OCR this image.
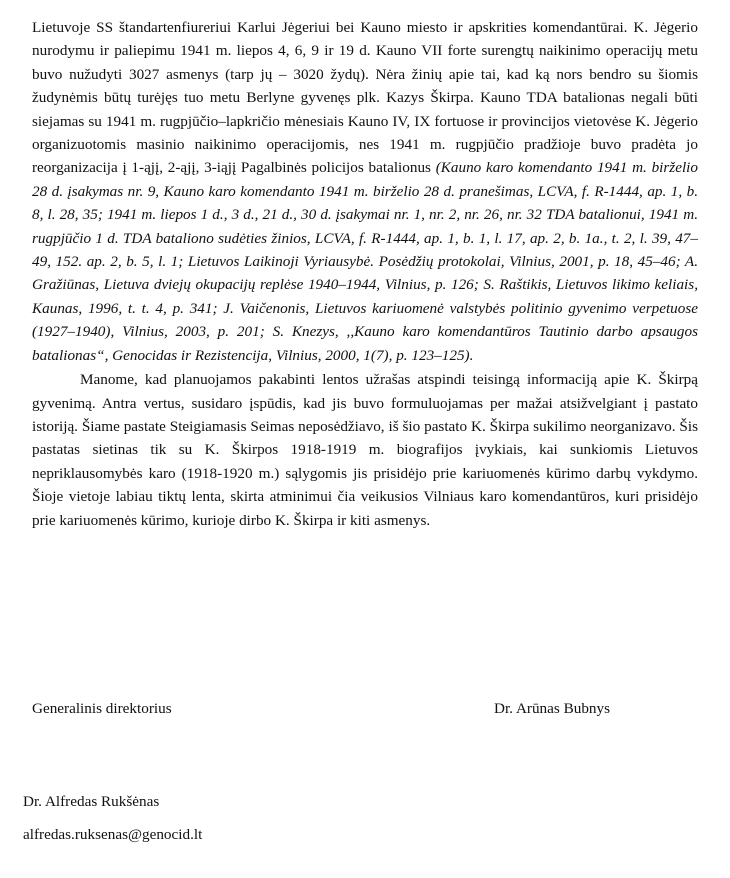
Lietuvoje SS štandartenfiureriui Karlui Jėgeriui bei Kauno miesto ir apskrities komendantūrai. K. Jėgerio nurodymu ir paliepimu 1941 m. liepos 4, 6, 9 ir 19 d. Kauno VII forte surengtų naikinimo operacijų metu buvo nužudyti 3027 asmenys (tarp jų – 3020 žydų). Nėra žinių apie tai, kad ką nors bendro su šiomis žudynėmis būtų turėjęs tuo metu Berlyne gyvenęs plk. Kazys Škirpa. Kauno TDA batalionas negali būti siejamas su 1941 m. rugpjūčio–lapkričio mėnesiais Kauno IV, IX fortuose ir provincijos vietovėse K. Jėgerio organizuotomis masinio naikinimo operacijomis, nes 1941 m. rugpjūčio pradžioje buvo pradėta jo reorganizacija į 1-ąjį, 2-ąjį, 3-iąjį Pagalbinės policijos batalionus (Kauno karo komendanto 1941 m. birželio 28 d. įsakymas nr. 9, Kauno karo komendanto 1941 m. birželio 28 d. pranešimas, LCVA, f. R-1444, ap. 1, b. 8, l. 28, 35; 1941 m. liepos 1 d., 3 d., 21 d., 30 d. įsakymai nr. 1, nr. 2, nr. 26, nr. 32 TDA batalionui, 1941 m. rugpjūčio 1 d. TDA bataliono sudėties žinios, LCVA, f. R-1444, ap. 1, b. 1, l. 17, ap. 2, b. 1a., t. 2, l. 39, 47–49, 152. ap. 2, b. 5, l. 1; Lietuvos Laikinoji Vyriausybė. Posėdžių protokolai, Vilnius, 2001, p. 18, 45–46; A. Gražiūnas, Lietuva dviejų okupacijų replėse 1940–1944, Vilnius, p. 126; S. Raštikis, Lietuvos likimo keliais, Kaunas, 1996, t. t. 4, p. 341; J. Vaičenonis, Lietuvos kariuomenė valstybės politinio gyvenimo verpetuose (1927–1940), Vilnius, 2003, p. 201; S. Knezys, ,,Kauno karo komendantūros Tautinio darbo apsaugos batalionas“, Genocidas ir Rezistencija, Vilnius, 2000, 1(7), p. 123–125).

Manome, kad planuojamos pakabinti lentos užrašas atspindi teisingą informaciją apie K. Škirpą gyvenimą. Antra vertus, susidaro įspūdis, kad jis buvo formuluojamas per mažai atsižvelgiant į pastato istoriją. Šiame pastate Steigiamasis Seimas neposėdžiavo, iš šio pastato K. Škirpa sukilimo neorganizavo. Šis pastatas sietinas tik su K. Škirpos 1918-1919 m. biografijos įvykiais, kai sunkiomis Lietuvos nepriklausomybės karo (1918-1920 m.) sąlygomis jis prisidėjo prie kariuomenės kūrimo darbų vykdymo. Šioje vietoje labiau tiktų lenta, skirta atminimui čia veikusios Vilniaus karo komendantūros, kuri prisidėjo prie kariuomenės kūrimo, kurioje dirbo K. Škirpa ir kiti asmenys.

Generalinis direktorius	Dr. Arūnas Bubnys
Dr. Alfredas Rukšėnas
alfredas.ruksenas@genocid.lt
